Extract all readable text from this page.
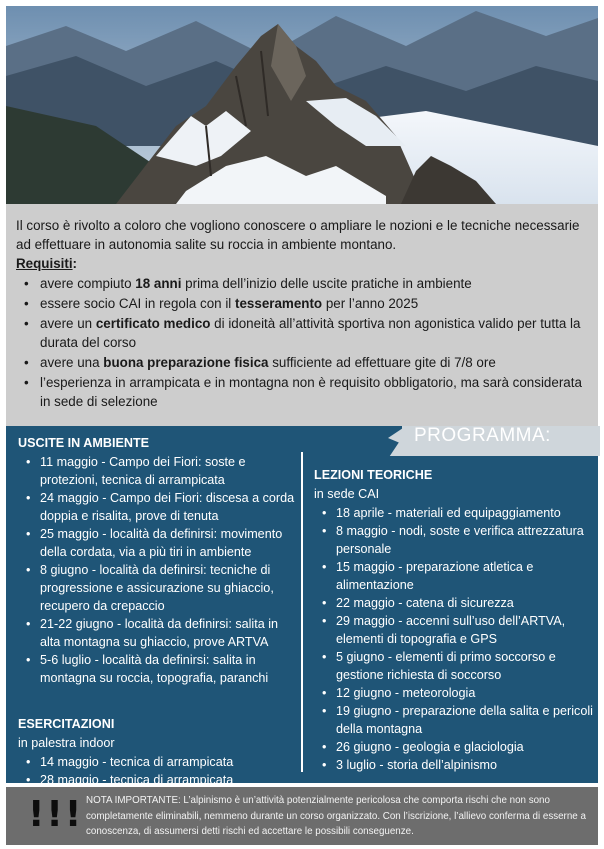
Il corso è rivolto a coloro che vogliono conoscere o ampliare le nozioni e le tecniche necessarie ad effettuare in autonomia salite su roccia in ambiente montano.

Requisiti:

• avere compiuto 18 anni prima dell’inizio delle uscite pratiche in ambiente
• essere socio CAI in regola con il tesseramento per l’anno 2025
• avere un certificato medico di idoneità all’attività sportiva non agonistica valido per tutta la durata del corso
• avere una buona preparazione fisica sufficiente ad effettuare gite di 7/8 ore
• l’esperienza in arrampicata e in montagna non è requisito obbligatorio, ma sarà considerata in sede di selezione
PROGRAMMA:
USCITE IN AMBIENTE
• 11 maggio - Campo dei Fiori: soste e protezioni, tecnica di arrampicata
• 24 maggio - Campo dei Fiori: discesa a corda doppia e risalita, prove di tenuta
• 25 maggio - località da definirsi: movimento della cordata, via a più tiri in ambiente
• 8 giugno - località da definirsi: tecniche di progressione e assicurazione su ghiaccio, recupero da crepaccio
• 21-22 giugno - località da definirsi: salita in alta montagna su ghiaccio, prove ARTVA
• 5-6 luglio - località da definirsi: salita in montagna su roccia, topografia, paranchi
ESERCITAZIONI
in palestra indoor
• 14 maggio - tecnica di arrampicata
• 28 maggio - tecnica di arrampicata
LEZIONI TEORICHE
in sede CAI
• 18 aprile - materiali ed equipaggiamento
• 8 maggio - nodi, soste e verifica attrezzatura personale
• 15 maggio - preparazione atletica e alimentazione
• 22 maggio - catena di sicurezza
• 29 maggio - accenni sull’uso dell’ARTVA, elementi di topografia e GPS
• 5 giugno - elementi di primo soccorso e gestione richiesta di soccorso
• 12 giugno - meteorologia
• 19 giugno - preparazione della salita e pericoli della montagna
• 26 giugno - geologia e glaciologia
• 3 luglio - storia dell’alpinismo
!!! NOTA IMPORTANTE: L’alpinismo è un’attività potenzialmente pericolosa che comporta rischi che non sono completamente eliminabili, nemmeno durante un corso organizzato. Con l’iscrizione, l’allievo conferma di esserne a conoscenza, di assumersi detti rischi ed accettare le possibili conseguenze.
